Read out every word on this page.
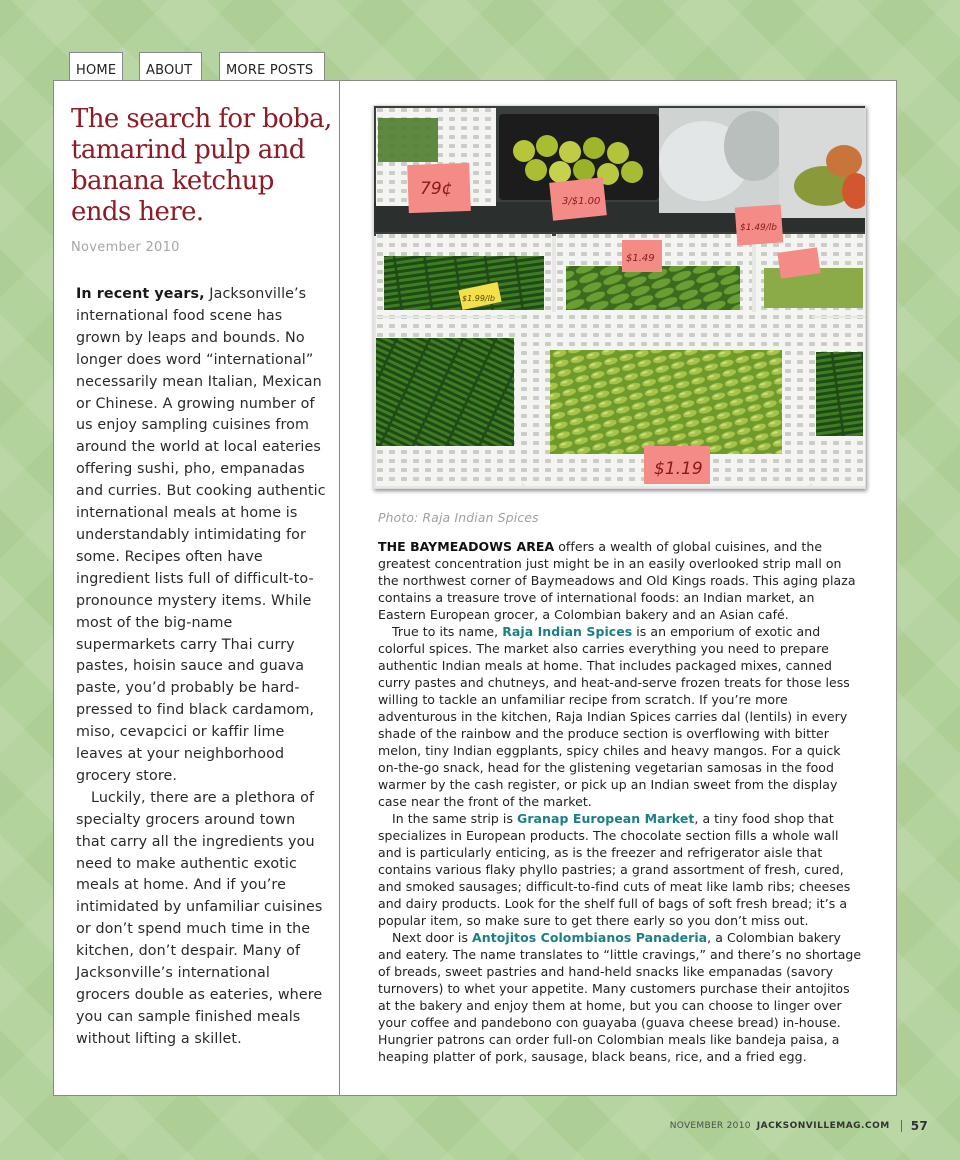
HOME	ABOUT	MORE POSTS
The search for boba, tamarind pulp and banana ketchup ends here.
November 2010

In recent years, Jacksonville’s international food scene has grown by leaps and bounds. No longer does word “international” necessarily mean Italian, Mexican or Chinese. A growing number of us enjoy sampling cuisines from around the world at local eateries offering sushi, pho, empanadas and curries. But cooking authentic international meals at home is understandably intimidating for some. Recipes often have ingredient lists full of difficult-to-pronounce mystery items. While most of the big-name supermarkets carry Thai curry pastes, hoisin sauce and guava paste, you’d probably be hard-pressed to find black cardamom, miso, cevapcici or kaffir lime leaves at your neighborhood grocery store.

Luckily, there are a plethora of specialty grocers around town that carry all the ingredients you need to make authentic exotic meals at home. And if you’re intimidated by unfamiliar cuisines or don’t spend much time in the kitchen, don’t despair. Many of Jacksonville’s international grocers double as eateries, where you can sample finished meals without lifting a skillet.

79¢
3/$1.00
$1.49/lb
$1.99/lb
$1.49
$1.19
Photo: Raja Indian Spices

THE BAYMEADOWS AREA offers a wealth of global cuisines, and the greatest concentration just might be in an easily overlooked strip mall on the northwest corner of Baymeadows and Old Kings roads. This aging plaza contains a treasure trove of international foods: an Indian market, an Eastern European grocer, a Colombian bakery and an Asian café.

True to its name, Raja Indian Spices is an emporium of exotic and colorful spices. The market also carries everything you need to prepare authentic Indian meals at home. That includes packaged mixes, canned curry pastes and chutneys, and heat-and-serve frozen treats for those less willing to tackle an unfamiliar recipe from scratch. If you’re more adventurous in the kitchen, Raja Indian Spices carries dal (lentils) in every shade of the rainbow and the produce section is overflowing with bitter melon, tiny Indian eggplants, spicy chiles and heavy mangos. For a quick on-the-go snack, head for the glistening vegetarian samosas in the food warmer by the cash register, or pick up an Indian sweet from the display case near the front of the market.

In the same strip is Granap European Market, a tiny food shop that specializes in European products. The chocolate section fills a whole wall and is particularly enticing, as is the freezer and refrigerator aisle that contains various flaky phyllo pastries; a grand assortment of fresh, cured, and smoked sausages; difficult-to-find cuts of meat like lamb ribs; cheeses and dairy products. Look for the shelf full of bags of soft fresh bread; it’s a popular item, so make sure to get there early so you don’t miss out.

Next door is Antojitos Colombianos Panaderia, a Colombian bakery and eatery. The name translates to “little cravings,” and there’s no shortage of breads, sweet pastries and hand-held snacks like empanadas (savory turnovers) to whet your appetite. Many customers purchase their antojitos at the bakery and enjoy them at home, but you can choose to linger over your coffee and pandebono con guayaba (guava cheese bread) in-house. Hungrier patrons can order full-on Colombian meals like bandeja paisa, a heaping platter of pork, sausage, black beans, rice, and a fried egg.

NOVEMBER 2010 JACKSONVILLEMAG.COM 57
